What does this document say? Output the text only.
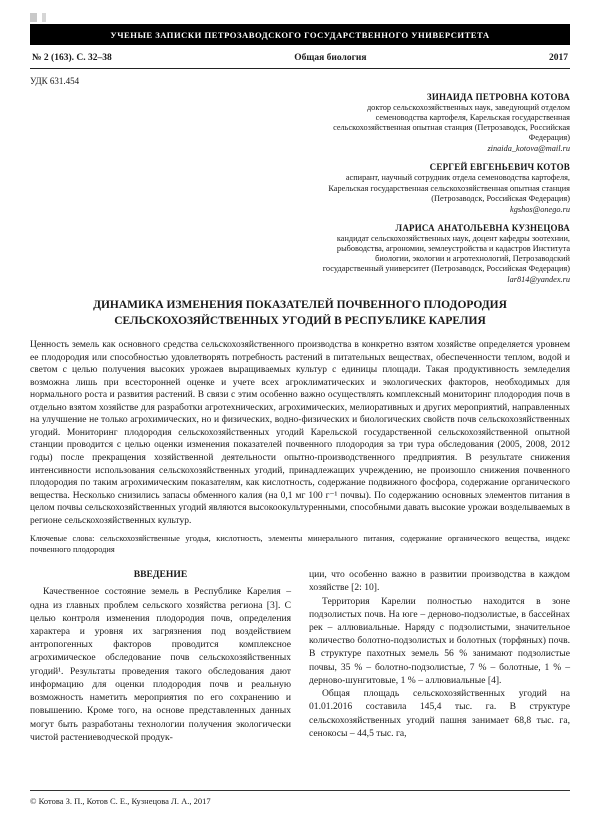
УЧЕНЫЕ ЗАПИСКИ ПЕТРОЗАВОДСКОГО ГОСУДАРСТВЕННОГО УНИВЕРСИТЕТА
№ 2 (163). С. 32–38	Общая биология	2017
УДК 631.454
ЗИНАИДА ПЕТРОВНА КОТОВА
доктор сельскохозяйственных наук, заведующий отделом семеноводства картофеля, Карельская государственная сельскохозяйственная опытная станция (Петрозаводск, Российская Федерация)
zinaida_kotova@mail.ru
СЕРГЕЙ ЕВГЕНЬЕВИЧ КОТОВ
аспирант, научный сотрудник отдела семеноводства картофеля, Карельская государственная сельскохозяйственная опытная станция (Петрозаводск, Российская Федерация)
kgshos@onego.ru
ЛАРИСА АНАТОЛЬЕВНА КУЗНЕЦОВА
кандидат сельскохозяйственных наук, доцент кафедры зоотехнии, рыбоводства, агрономии, землеустройства и кадастров Института биологии, экологии и агротехнологий, Петрозаводский государственный университет (Петрозаводск, Российская Федерация)
lar814@yandex.ru
ДИНАМИКА ИЗМЕНЕНИЯ ПОКАЗАТЕЛЕЙ ПОЧВЕННОГО ПЛОДОРОДИЯ СЕЛЬСКОХОЗЯЙСТВЕННЫХ УГОДИЙ В РЕСПУБЛИКЕ КАРЕЛИЯ

Ценность земель как основного средства сельскохозяйственного производства в конкретно взятом хозяйстве определяется уровнем ее плодородия или способностью удовлетворять потребность растений в питательных веществах, обеспеченности теплом, водой и светом с целью получения высоких урожаев выращиваемых культур с единицы площади. Такая продуктивность земледелия возможна лишь при всесторонней оценке и учете всех агроклиматических и экологических факторов, необходимых для нормального роста и развития растений. В связи с этим особенно важно осуществлять комплексный мониторинг плодородия почв в отдельно взятом хозяйстве для разработки агротехнических, агрохимических, мелиоративных и других мероприятий, направленных на улучшение не только агрохимических, но и физических, водно-физических и биологических свойств почв сельскохозяйственных угодий. Мониторинг плодородия сельскохозяйственных угодий Карельской государственной сельскохозяйственной опытной станции проводится с целью оценки изменения показателей почвенного плодородия за три тура обследования (2005, 2008, 2012 годы) после прекращения хозяйственной деятельности опытно-производственного предприятия. В результате снижения интенсивности использования сельскохозяйственных угодий, принадлежащих учреждению, не произошло снижения почвенного плодородия по таким агрохимическим показателям, как кислотность, содержание подвижного фосфора, содержание органического вещества. Несколько снизились запасы обменного калия (на 0,1 мг 100 г⁻¹ почвы). По содержанию основных элементов питания в целом почвы сельскохозяйственных угодий являются высокоокультуренными, способными давать высокие урожаи возделываемых в регионе сельскохозяйственных культур.

Ключевые слова: сельскохозяйственные угодья, кислотность, элементы минерального питания, содержание органического вещества, индекс почвенного плодородия

ВВЕДЕНИЕ

Качественное состояние земель в Республике Карелия – одна из главных проблем сельского хозяйства региона [3]. С целью контроля изменения плодородия почв, определения характера и уровня их загрязнения под воздействием антропогенных факторов проводится комплексное агрохимическое обследование почв сельскохозяйственных угодий¹. Результаты проведения такого обследования дают информацию для оценки плодородия почв и реальную возможность наметить мероприятия по его сохранению и повышению. Кроме того, на основе представленных данных могут быть разработаны технологии получения экологически чистой растениеводческой продук-

ции, что особенно важно в развитии производства в каждом хозяйстве [2: 10].

Территория Карелии полностью находится в зоне подзолистых почв. На юге – дерново-подзолистые, в бассейнах рек – аллювиальные. Наряду с подзолистыми, значительное количество болотно-подзолистых и болотных (торфяных) почв. В структуре пахотных земель 56 % занимают подзолистые почвы, 35 % – болотно-подзолистые, 7 % – болотные, 1 % – дерново-шунгитовые, 1 % – аллювиальные [4].

Общая площадь сельскохозяйственных угодий на 01.01.2016 составила 145,4 тыс. га. В структуре сельскохозяйственных угодий пашня занимает 68,8 тыс. га, сенокосы – 44,5 тыс. га,

© Котова З. П., Котов С. Е., Кузнецова Л. А., 2017
